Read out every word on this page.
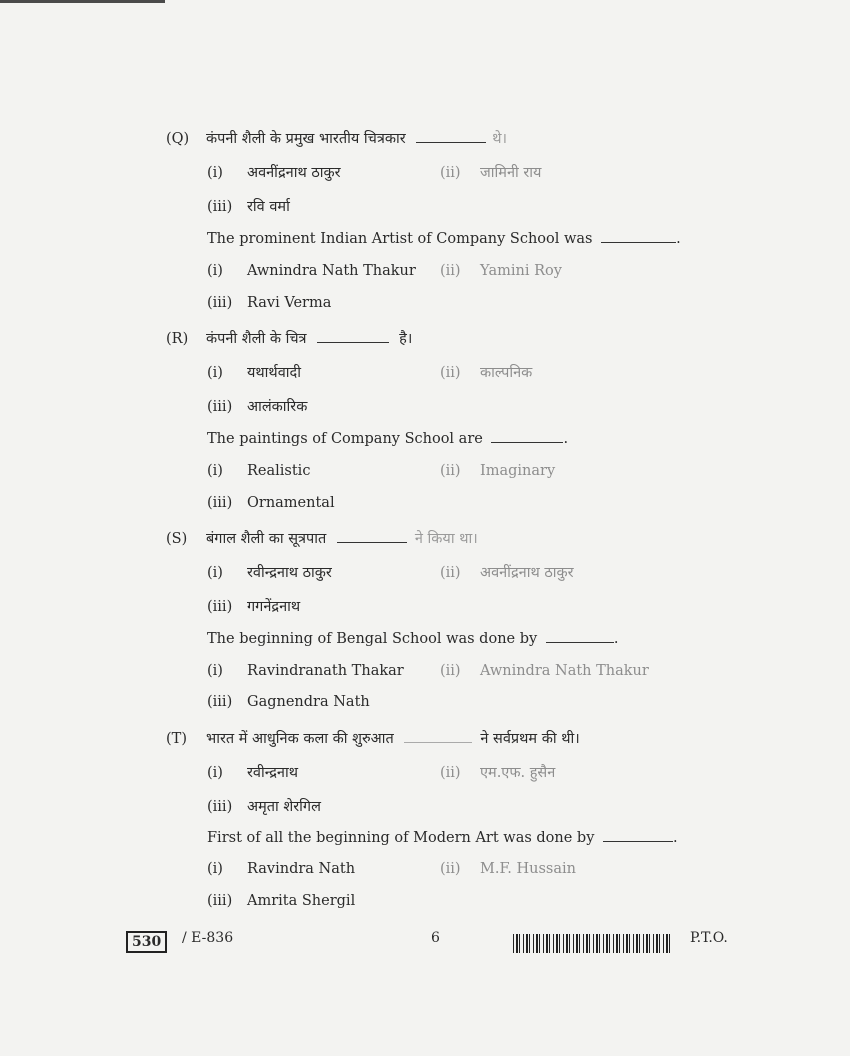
(Q) कंपनी शैली के प्रमुख भारतीय चित्रकार	थे।
(i) अवनींद्रनाथ ठाकुर	(ii) जामिनी राय
(iii) रवि वर्मा
The prominent Indian Artist of Company School was	.
(i) Awnindra Nath Thakur (ii) Yamini Roy
(iii) Ravi Verma
(R) कंपनी शैली के चित्र	है।
(i) यथार्थवादी	(ii) काल्पनिक
(iii) आलंकारिक
The paintings of Company School are	.
(i) Realistic	(ii) Imaginary
(iii) Ornamental
(S) बंगाल शैली का सूत्रपात	ने किया था।
(i) रवीन्द्रनाथ ठाकुर	(ii) अवनींद्रनाथ ठाकुर
(iii) गगनेंद्रनाथ
The beginning of Bengal School was done by	.
(i) Ravindranath Thakar	(ii) Awnindra Nath Thakur
(iii) Gagnendra Nath
(T) भारत में आधुनिक कला की शुरुआत	ने सर्वप्रथम की थी।
(i) रवीन्द्रनाथ	(ii) एम.एफ. हुसैन
(iii) अमृता शेरगिल
First of all the beginning of Modern Art was done by	.
(i) Ravindra Nath	(ii) M.F. Hussain
(iii) Amrita Shergil
530	/ E-836	6	P.T.O.
